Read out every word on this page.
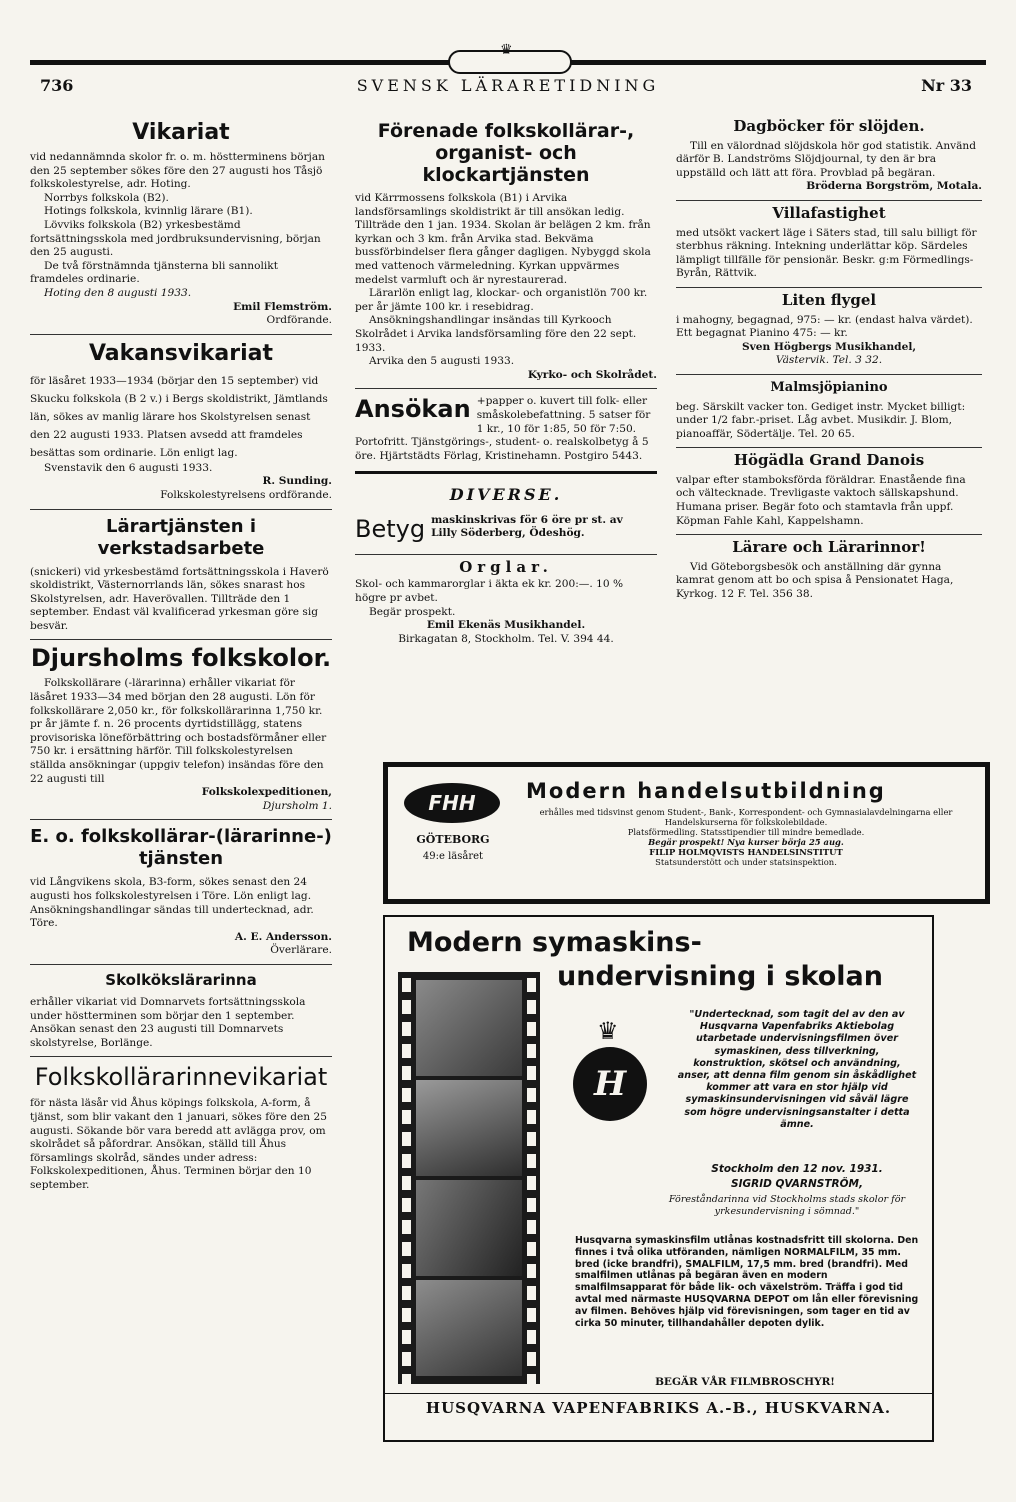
♛
736	SVENSK LÄRARETIDNING	Nr 33
Vikariat

vid nedannämnda skolor fr. o. m. höstterminens början den 25 september sökes före den 27 augusti hos Tåsjö folkskolestyrelse, adr. Hoting.

Norrbys folkskola (B2).

Hotings folkskola, kvinnlig lärare (B1).

Lövviks folkskola (B2) yrkesbestämd fortsättningsskola med jordbruksundervisning, början den 25 augusti.

De två förstnämnda tjänsterna bli sannolikt framdeles ordinarie.

Hoting den 8 augusti 1933.

Emil Flemström.

Ordförande.

Vakansvikariat

för läsåret 1933—1934 (börjar den 15 september) vid Skucku folkskola (B 2 v.) i Bergs skoldistrikt, Jämtlands län, sökes av manlig lärare hos Skolstyrelsen senast den 22 augusti 1933. Platsen avsedd att framdeles besättas som ordinarie. Lön enligt lag.

Svenstavik den 6 augusti 1933.

R. Sunding.

Folkskolestyrelsens ordförande.

Lärartjänsten i verkstadsarbete

(snickeri) vid yrkesbestämd fortsättningsskola i Haverö skoldistrikt, Västernorrlands län, sökes snarast hos Skolstyrelsen, adr. Haverövallen. Tillträde den 1 september. Endast väl kvalificerad yrkesman göre sig besvär.

Djursholms folkskolor.

Folkskollärare (-lärarinna) erhåller vikariat för läsåret 1933—34 med början den 28 augusti. Lön för folkskollärare 2,050 kr., för folkskollärarinna 1,750 kr. pr år jämte f. n. 26 procents dyrtidstillägg, statens provisoriska löneförbättring och bostadsförmåner eller 750 kr. i ersättning härför. Till folkskolestyrelsen ställda ansökningar (uppgiv telefon) insändas före den 22 augusti till

Folkskolexpeditionen,

Djursholm 1.

E. o. folkskollärar-(lärarinne-) tjänsten

vid Långvikens skola, B3-form, sökes senast den 24 augusti hos folkskolestyrelsen i Töre. Lön enligt lag. Ansökningshandlingar sändas till undertecknad, adr. Töre.

A. E. Andersson.

Överlärare.

Skolkökslärarinna

erhåller vikariat vid Domnarvets fortsättningsskola under höstterminen som börjar den 1 september. Ansökan senast den 23 augusti till Domnarvets skolstyrelse, Borlänge.

Folkskollärarinnevikariat

för nästa läsår vid Åhus köpings folkskola, A-form, å tjänst, som blir vakant den 1 januari, sökes före den 25 augusti. Sökande bör vara beredd att avlägga prov, om skolrådet så påfordrar. Ansökan, ställd till Åhus församlings skolråd, sändes under adress: Folkskolexpeditionen, Åhus. Terminen börjar den 10 september.

Förenade folkskollärar-, organist- och klockartjänsten

vid Kärrmossens folkskola (B1) i Arvika landsförsamlings skoldistrikt är till ansökan ledig. Tillträde den 1 jan. 1934. Skolan är belägen 2 km. från kyrkan och 3 km. från Arvika stad. Bekväma bussförbindelser flera gånger dagligen. Nybyggd skola med vattenoch värmeledning. Kyrkan uppvärmes medelst varmluft och är nyrestaurerad.

Lärarlön enligt lag, klockar- och organistlön 700 kr. per år jämte 100 kr. i resebidrag.

Ansökningshandlingar insändas till Kyrkooch Skolrådet i Arvika landsförsamling före den 22 sept. 1933.

Arvika den 5 augusti 1933.

Kyrko- och Skolrådet.

Ansökan +papper o. kuvert till folk- eller småskolebefattning. 5 satser för 1 kr., 10 för 1:85, 50 för 7:50. Portofritt. Tjänstgörings-, student- o. realskolbetyg å 5 öre. Hjärtstädts Förlag, Kristinehamn. Postgiro 5443.

DIVERSE.
Betyg maskinskrivas för 6 öre pr st. av

Lilly Söderberg, Ödeshög.

Orglar.

Skol- och kammarorglar i äkta ek kr. 200:—. 10 % högre pr avbet.

Begär prospekt.

Emil Ekenäs Musikhandel.

Birkagatan 8, Stockholm. Tel. V. 394 44.

Dagböcker för slöjden.

Till en välordnad slöjdskola hör god statistik. Använd därför B. Landströms Slöjdjournal, ty den är bra uppställd och lätt att föra. Provblad på begäran.

Bröderna Borgström, Motala.

Villafastighet

med utsökt vackert läge i Säters stad, till salu billigt för sterbhus räkning. Intekning underlättar köp. Särdeles lämpligt tillfälle för pensionär. Beskr. g:m Förmedlings-Byrån, Rättvik.

Liten flygel

i mahogny, begagnad, 975: — kr. (endast halva värdet). Ett begagnat Pianino 475: — kr.

Sven Högbergs Musikhandel,

Västervik. Tel. 3 32.

Malmsjöpianino

beg. Särskilt vacker ton. Gediget instr. Mycket billigt: under 1/2 fabr.-priset. Låg avbet. Musikdir. J. Blom, pianoaffär, Södertälje. Tel. 20 65.

Högädla Grand Danois

valpar efter stamboksförda föräldrar. Enastående fina och vältecknade. Trevligaste vaktoch sällskapshund. Humana priser. Begär foto och stamtavla från uppf. Köpman Fahle Kahl, Kappelshamn.

Lärare och Lärarinnor!

Vid Göteborgsbesök och anställning där gynna kamrat genom att bo och spisa å Pensionatet Haga, Kyrkog. 12 F. Tel. 356 38.

FHH
GÖTEBORG
49:e läsåret
Modern handelsutbildning

erhålles med tidsvinst genom Student-, Bank-, Korrespondent- och Gymnasialavdelningarna eller Handelskurserna för folkskolebildade.

Platsförmedling. Statsstipendier till mindre bemedlade.

Begär prospekt! Nya kurser börja 25 aug.

FILIP HOLMQVISTS HANDELSINSTITUT

Statsunderstött och under statsinspektion.

Modern symaskins-
undervisning i skolan
"Undertecknad, som tagit del av den av Husqvarna Vapenfabriks Aktiebolag utarbetade undervisningsfilmen över symaskinen, dess tillverkning, konstruktion, skötsel och användning, anser, att denna film genom sin åskådlighet kommer att vara en stor hjälp vid symaskinsundervisningen vid såväl lägre som högre undervisningsanstalter i detta ämne.
H
♛
Stockholm den 12 nov. 1931.
SIGRID QVARNSTRÖM,
Föreståndarinna vid Stockholms stads skolor för yrkesundervisning i sömnad."
Husqvarna symaskinsfilm utlånas kostnadsfritt till skolorna. Den finnes i två olika utföranden, nämligen NORMALFILM, 35 mm. bred (icke brandfri), SMALFILM, 17,5 mm. bred (brandfri). Med smalfilmen utlånas på begäran även en modern smalfilmsapparat för både lik- och växelström. Träffa i god tid avtal med närmaste HUSQVARNA DEPOT om lån eller förevisning av filmen. Behöves hjälp vid förevisningen, som tager en tid av cirka 50 minuter, tillhandahåller depoten dylik.
BEGÄR VÅR FILMBROSCHYR!
HUSQVARNA VAPENFABRIKS A.-B., HUSKVARNA.
